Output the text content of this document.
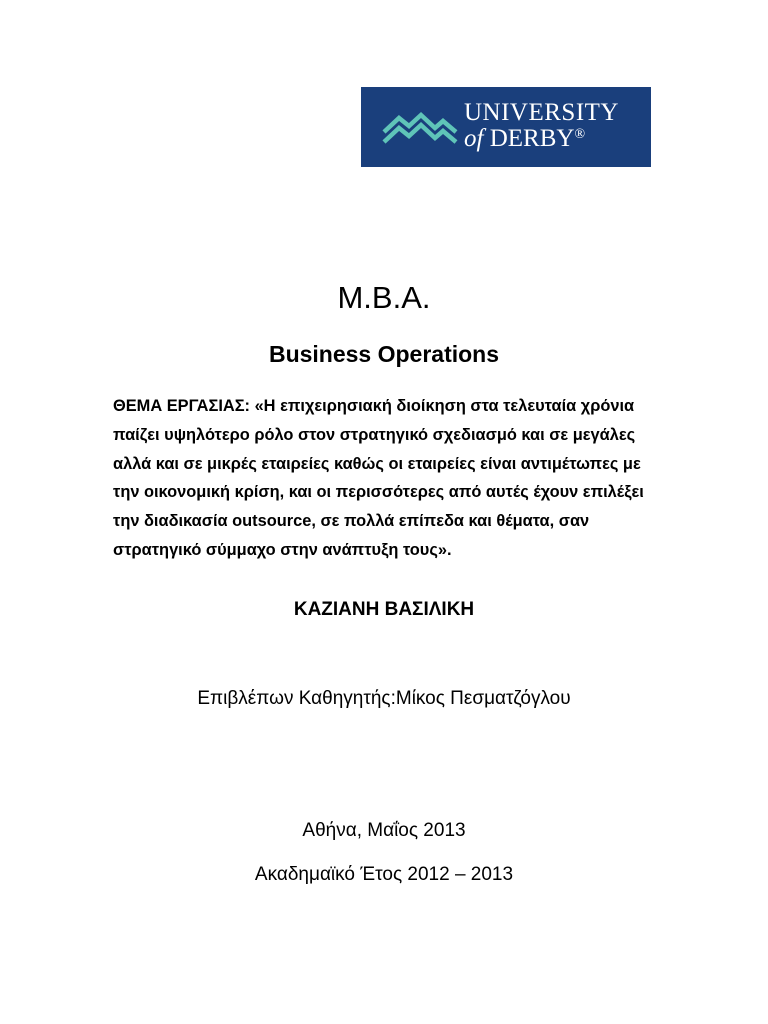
UNIVERSITY
of DERBY®
M.B.A.
Business Operations
ΘΕΜΑ ΕΡΓΑΣΙΑΣ: «Η επιχειρησιακή διοίκηση στα τελευταία χρόνια παίζει υψηλότερο ρόλο στον στρατηγικό σχεδιασμό και σε μεγάλες αλλά και σε μικρές εταιρείες καθώς οι εταιρείες είναι αντιμέτωπες με την οικονομική κρίση, και οι περισσότερες από αυτές έχουν επιλέξει την διαδικασία outsource, σε πολλά επίπεδα και θέματα, σαν στρατηγικό σύμμαχο στην ανάπτυξη τους».
ΚΑΖΙΑΝΗ ΒΑΣΙΛΙΚΗ
Επιβλέπων Καθηγητής:Μίκος Πεσματζόγλου
Αθήνα, Μαΐος 2013
Ακαδημαϊκό Έτος 2012 – 2013
